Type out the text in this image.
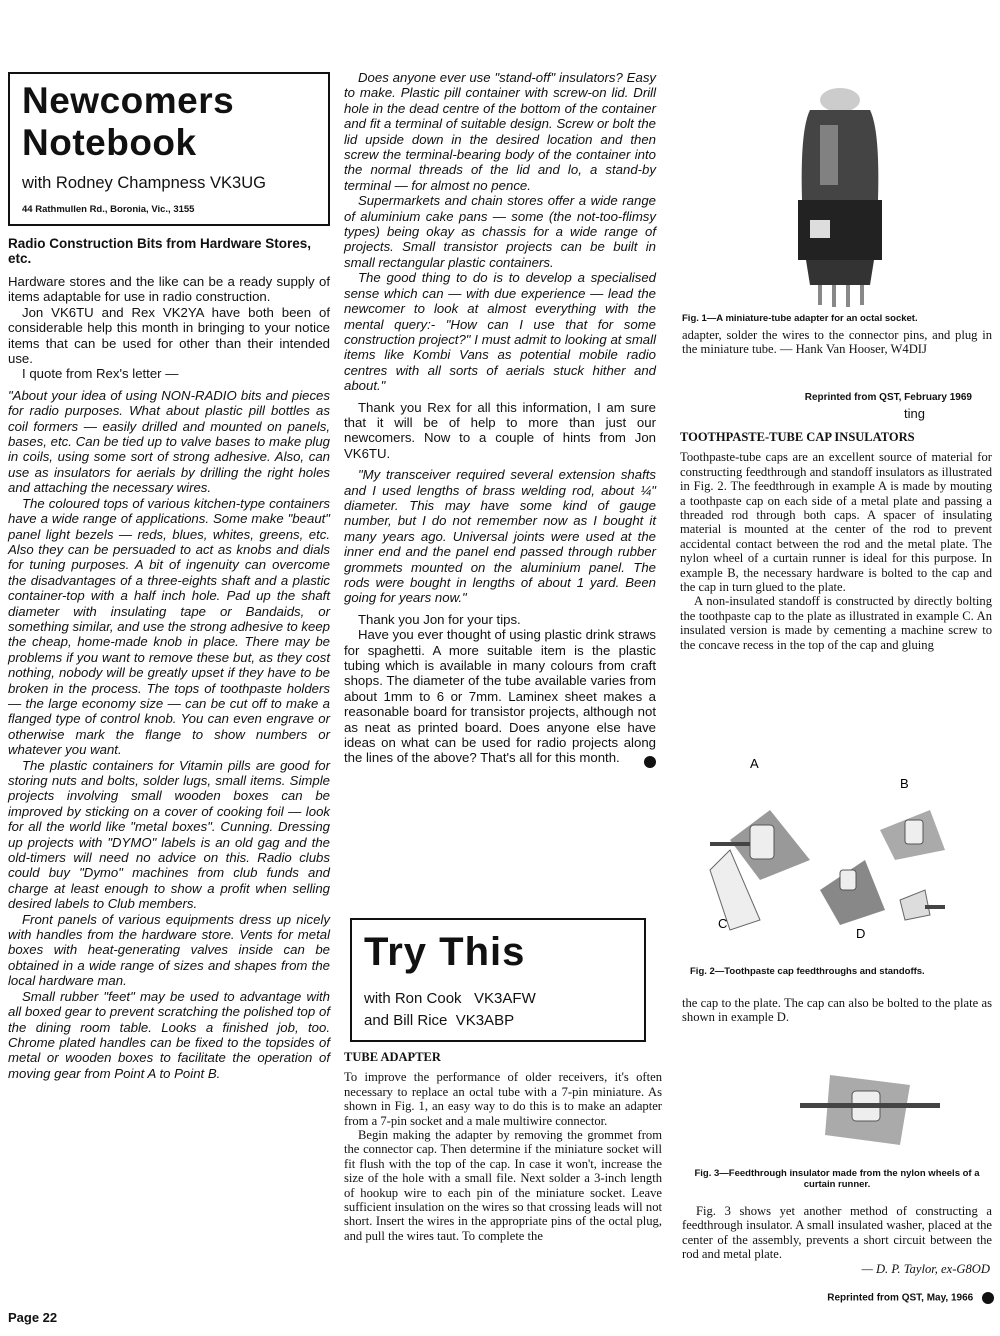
Newcomers
Notebook
with Rodney Champness VK3UG
44 Rathmullen Rd., Boronia, Vic., 3155
Radio Construction Bits from Hardware Stores, etc.

Hardware stores and the like can be a ready supply of items adaptable for use in radio construction.

Jon VK6TU and Rex VK2YA have both been of considerable help this month in bringing to your notice items that can be used for other than their intended use.

I quote from Rex's letter —

"About your idea of using NON-RADIO bits and pieces for radio purposes. What about plastic pill bottles as coil formers — easily drilled and mounted on panels, bases, etc. Can be tied up to valve bases to make plug in coils, using some sort of strong adhesive. Also, can use as insulators for aerials by drilling the right holes and attaching the necessary wires.

The coloured tops of various kitchen-type containers have a wide range of applications. Some make "beaut" panel light bezels — reds, blues, whites, greens, etc. Also they can be persuaded to act as knobs and dials for tuning purposes. A bit of ingenuity can overcome the disadvantages of a three-eights shaft and a plastic container-top with a half inch hole. Pad up the shaft diameter with insulating tape or Bandaids, or something similar, and use the strong adhesive to keep the cheap, home-made knob in place. There may be problems if you want to remove these but, as they cost nothing, nobody will be greatly upset if they have to be broken in the process. The tops of toothpaste holders — the large economy size — can be cut off to make a flanged type of control knob. You can even engrave or otherwise mark the flange to show numbers or whatever you want.

The plastic containers for Vitamin pills are good for storing nuts and bolts, solder lugs, small items. Simple projects involving small wooden boxes can be improved by sticking on a cover of cooking foil — look for all the world like "metal boxes". Cunning. Dressing up projects with "DYMO" labels is an old gag and the old-timers will need no advice on this. Radio clubs could buy "Dymo" machines from club funds and charge at least enough to show a profit when selling desired labels to Club members.

Front panels of various equipments dress up nicely with handles from the hardware store. Vents for metal boxes with heat-generating valves inside can be obtained in a wide range of sizes and shapes from the local hardware man.

Small rubber "feet" may be used to advantage with all boxed gear to prevent scratching the polished top of the dining room table. Looks a finished job, too. Chrome plated handles can be fixed to the topsides of metal or wooden boxes to facilitate the operation of moving gear from Point A to Point B.

Page 22

Does anyone ever use "stand-off" insulators? Easy to make. Plastic pill container with screw-on lid. Drill hole in the dead centre of the bottom of the container and fit a terminal of suitable design. Screw or bolt the lid upside down in the desired location and then screw the terminal-bearing body of the container into the normal threads of the lid and lo, a stand-by terminal — for almost no pence.

Supermarkets and chain stores offer a wide range of aluminium cake pans — some (the not-too-flimsy types) being okay as chassis for a wide range of projects. Small transistor projects can be built in small rectangular plastic containers.

The good thing to do is to develop a specialised sense which can — with due experience — lead the newcomer to look at almost everything with the mental query:- "How can I use that for some construction project?" I must admit to looking at small items like Kombi Vans as potential mobile radio centres with all sorts of aerials stuck hither and about."

Thank you Rex for all this information, I am sure that it will be of help to more than just our newcomers. Now to a couple of hints from Jon VK6TU.

"My transceiver required several extension shafts and I used lengths of brass welding rod, about ¼" diameter. This may have some kind of gauge number, but I do not remember now as I bought it many years ago. Universal joints were used at the inner end and the panel end passed through rubber grommets mounted on the aluminium panel. The rods were bought in lengths of about 1 yard. Been going for years now."

Thank you Jon for your tips.

Have you ever thought of using plastic drink straws for spaghetti. A more suitable item is the plastic tubing which is available in many colours from craft shops. The diameter of the tube available varies from about 1mm to 6 or 7mm. Laminex sheet makes a reasonable board for transistor projects, although not as neat as printed board. Does anyone else have ideas on what can be used for radio projects along the lines of the above? That's all for this month.

Try This
with Ron Cook   VK3AFW
and Bill Rice  VK3ABP
TUBE ADAPTER

To improve the performance of older receivers, it's often necessary to replace an octal tube with a 7-pin miniature. As shown in Fig. 1, an easy way to do this is to make an adapter from a 7-pin socket and a male multiwire connector.

Begin making the adapter by removing the grommet from the connector cap. Then determine if the miniature socket will fit flush with the top of the cap. In case it won't, increase the size of the hole with a small file. Next solder a 3-inch length of hookup wire to each pin of the miniature socket. Leave sufficient insulation on the wires so that crossing leads will not short. Insert the wires in the appropriate pins of the octal plug, and pull the wires taut. To complete the

Fig. 1—A miniature-tube adapter for an octal socket.
adapter, solder the wires to the connector pins, and plug in the miniature tube. — Hank Van Hooser, W4DIJ
Reprinted from QST, February 1969
ting
TOOTHPASTE-TUBE CAP INSULATORS

Toothpaste-tube caps are an excellent source of material for constructing feedthrough and standoff insulators as illustrated in Fig. 2. The feedthrough in example A is made by mouting a toothpaste cap on each side of a metal plate and passing a threaded rod through both caps. A spacer of insulating material is mounted at the center of the rod to prevent accidental contact between the rod and the metal plate. The nylon wheel of a curtain runner is ideal for this purpose. In example B, the necessary hardware is bolted to the cap and the cap in turn glued to the plate.

A non-insulated standoff is constructed by directly bolting the toothpaste cap to the plate as illustrated in example C. An insulated version is made by cementing a machine screw to the concave recess in the top of the cap and gluing

A
B
C
D
Fig. 2—Toothpaste cap feedthroughs and standoffs.
the cap to the plate. The cap can also be bolted to the plate as shown in example D.
Fig. 3—Feedthrough insulator made from the nylon wheels of a curtain runner.
Fig. 3 shows yet another method of constructing a feedthrough insulator. A small insulated washer, placed at the center of the assembly, prevents a short circuit between the rod and metal plate.
— D. P. Taylor, ex-G8OD
Reprinted from QST, May, 1966
